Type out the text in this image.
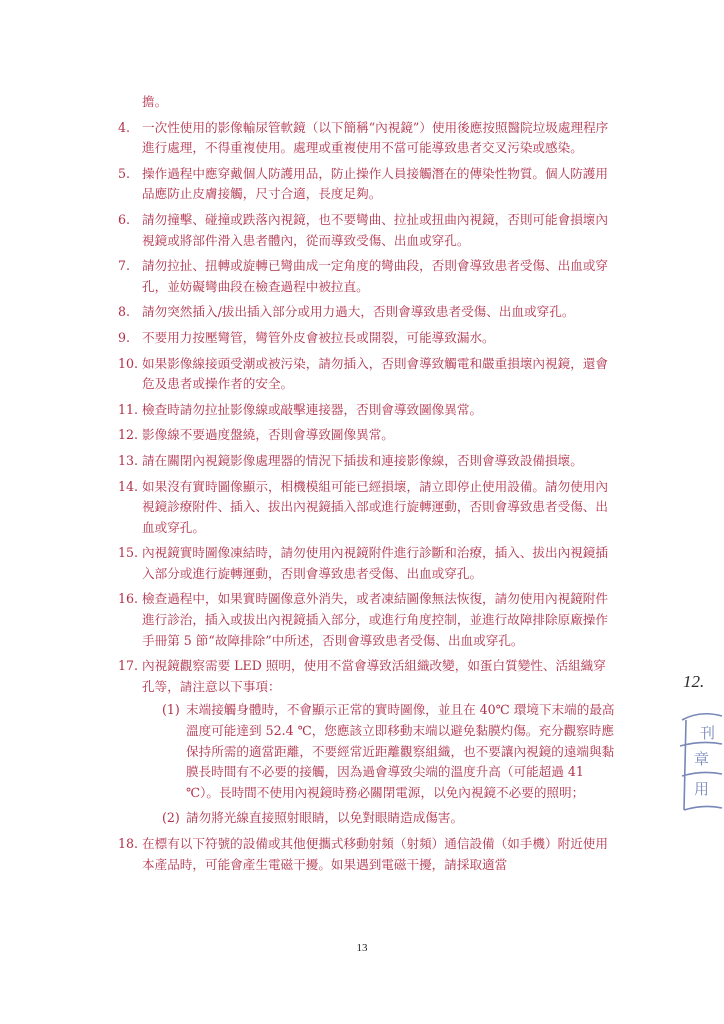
擔。
4. 一次性使用的影像輸尿管軟鏡（以下簡稱“內視鏡”）使用後應按照醫院垃圾處理程序進行處理，不得重複使用。處理或重複使用不當可能導致患者交叉污染或感染。
5. 操作過程中應穿戴個人防護用品，防止操作人員接觸潛在的傳染性物質。個人防護用品應防止皮膚接觸，尺寸合適，長度足夠。
6. 請勿撞擊、碰撞或跌落內視鏡，也不要彎曲、拉扯或扭曲內視鏡，否則可能會損壞內視鏡或將部件滑入患者體內，從而導致受傷、出血或穿孔。
7. 請勿拉扯、扭轉或旋轉已彎曲成一定角度的彎曲段，否則會導致患者受傷、出血或穿孔，並妨礙彎曲段在檢查過程中被拉直。
8. 請勿突然插入/拔出插入部分或用力過大，否則會導致患者受傷、出血或穿孔。
9. 不要用力按壓彎管，彎管外皮會被拉長或開裂，可能導致漏水。
10. 如果影像線接頭受潮或被污染，請勿插入，否則會導致觸電和嚴重損壞內視鏡，還會危及患者或操作者的安全。
11. 檢查時請勿拉扯影像線或敲擊連接器，否則會導致圖像異常。
12. 影像線不要過度盤繞，否則會導致圖像異常。
13. 請在關閉內視鏡影像處理器的情況下插拔和連接影像線，否則會導致設備損壞。
14. 如果沒有實時圖像顯示，相機模組可能已經損壞，請立即停止使用設備。請勿使用內視鏡診療附件、插入、拔出內視鏡插入部或進行旋轉運動，否則會導致患者受傷、出血或穿孔。
15. 內視鏡實時圖像凍結時，請勿使用內視鏡附件進行診斷和治療，插入、拔出內視鏡插入部分或進行旋轉運動，否則會導致患者受傷、出血或穿孔。
16. 檢查過程中，如果實時圖像意外消失，或者凍結圖像無法恢復，請勿使用內視鏡附件進行診治，插入或拔出內視鏡插入部分，或進行角度控制，並進行故障排除原廠操作手冊第 5 節“故障排除”中所述，否則會導致患者受傷、出血或穿孔。
17. 內視鏡觀察需要 LED 照明，使用不當會導致活組織改變，如蛋白質變性、活組織穿孔等，請注意以下事項：
(1) 末端接觸身體時，不會顯示正常的實時圖像，並且在 40℃ 環境下末端的最高溫度可能達到 52.4 ℃，您應該立即移動末端以避免黏膜灼傷。充分觀察時應保持所需的適當距離，不要經常近距離觀察組織，也不要讓內視鏡的遠端與黏膜長時間有不必要的接觸，因為過會導致尖端的溫度升高（可能超過 41 ℃）。長時間不使用內視鏡時務必關閉電源，以免內視鏡不必要的照明；
(2) 請勿將光線直接照射眼睛，以免對眼睛造成傷害。
18. 在標有以下符號的設備或其他便攜式移動射頻（射頻）通信設備（如手機）附近使用本產品時，可能會產生電磁干擾。如果遇到電磁干擾，請採取適當
13
12.
刊
章
用
